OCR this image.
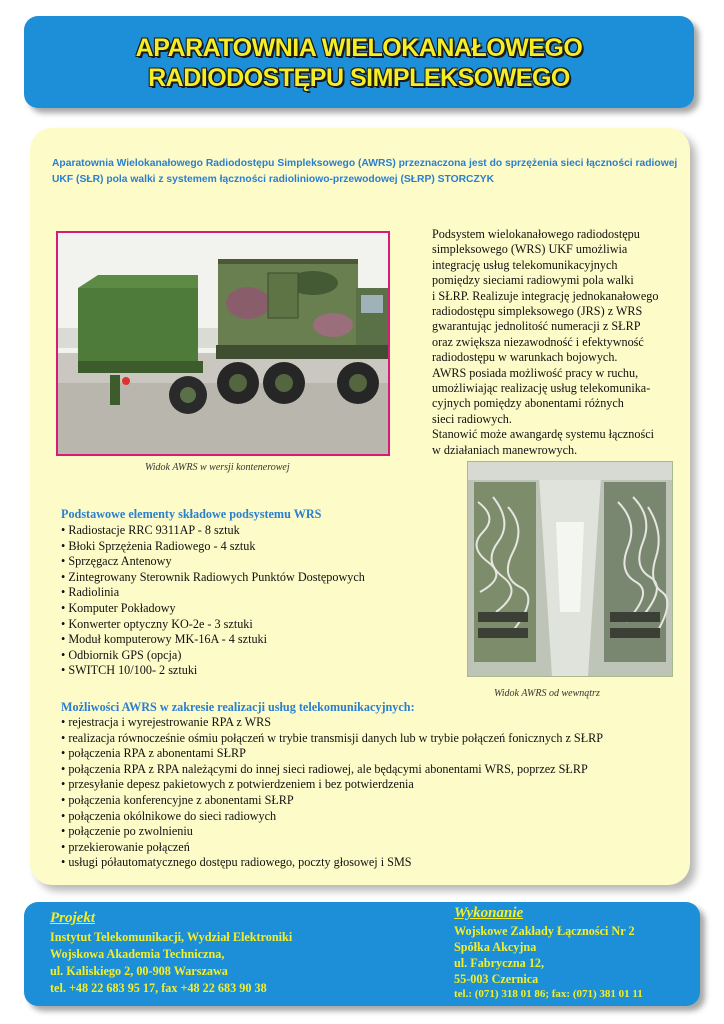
APARATOWNIA WIELOKANAŁOWEGO
RADIODOSTĘPU SIMPLEKSOWEGO
Aparatownia Wielokanałowego Radiodostępu Simpleksowego (AWRS) przeznaczona jest do sprzężenia sieci łączności radiowej UKF (SŁR) pola walki z systemem łączności radioliniowo-przewodowej (SŁRP) STORCZYK
Widok AWRS w wersji kontenerowej

Podsystem wielokanałowego radiodostępu

simpleksowego (WRS) UKF umożliwia

integrację usług telekomunikacyjnych

pomiędzy sieciami radiowymi pola walki

i SŁRP. Realizuje integrację jednokanałowego

radiodostępu simpleksowego (JRS) z WRS

gwarantując jednolitość numeracji z SŁRP

oraz zwiększa niezawodność i efektywność

radiodostępu w warunkach bojowych.

AWRS posiada możliwość pracy w ruchu,

umożliwiając realizację usług telekomunika-

cyjnych pomiędzy abonentami różnych

sieci radiowych.

Stanowić może awangardę systemu łączności

w działaniach manewrowych.

Widok AWRS od wewnątrz
Podstawowe elementy składowe podsystemu WRS
• Radiostacje RRC 9311AP - 8 sztuk
• Błoki Sprzężenia Radiowego - 4 sztuk
• Sprzęgacz Antenowy
• Zintegrowany Sterownik Radiowych Punktów Dostępowych
• Radiolinia
• Komputer Pokładowy
• Konwerter optyczny KO-2e - 3 sztuki
• Moduł komputerowy MK-16A - 4 sztuki
• Odbiornik GPS (opcja)
• SWITCH 10/100- 2 sztuki
Możliwości AWRS w zakresie realizacji usług telekomunikacyjnych:
• rejestracja i wyrejestrowanie RPA z WRS
• realizacja równocześnie ośmiu połączeń w trybie transmisji danych lub w trybie połączeń fonicznych z SŁRP
• połączenia RPA z abonentami SŁRP
• połączenia RPA z RPA należącymi do innej sieci radiowej, ale będącymi abonentami WRS, poprzez SŁRP
• przesyłanie depesz pakietowych z potwierdzeniem i bez potwierdzenia
• połączenia konferencyjne z abonentami SŁRP
• połączenia okólnikowe do sieci radiowych
• połączenie po zwolnieniu
• przekierowanie połączeń
• usługi półautomatycznego dostępu radiowego, poczty głosowej i SMS
Projekt
Instytut Telekomunikacji, Wydział Elektroniki
Wojskowa Akademia Techniczna,
ul. Kaliskiego 2, 00-908 Warszawa
tel. +48 22 683 95 17, fax +48 22 683 90 38
Wykonanie
Wojskowe Zakłady Łączności Nr 2
Spółka Akcyjna
ul. Fabryczna 12,
55-003 Czernica
tel.: (071) 318 01 86; fax: (071) 381 01 11
